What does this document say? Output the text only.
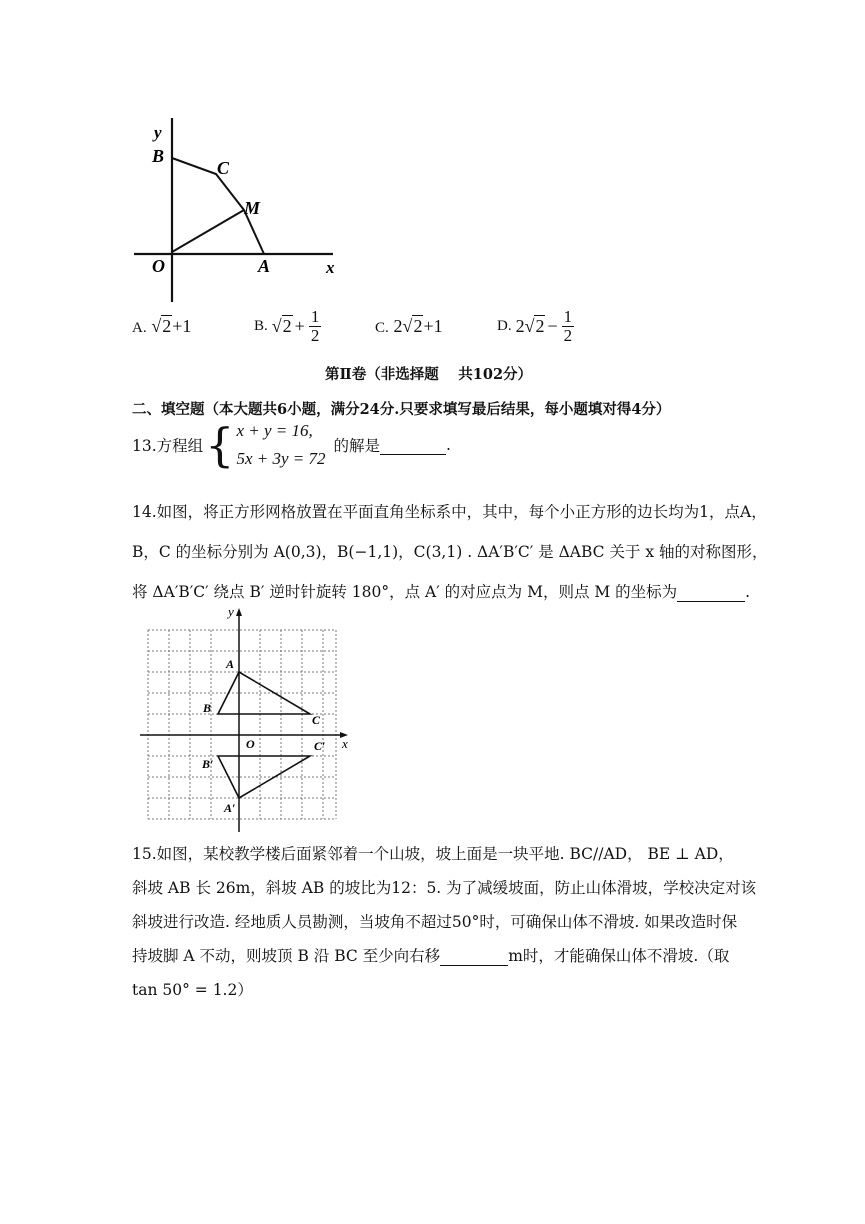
y
x
B
C
M
O	A
A. √2+1	B. $√2 + \frac{1}{2}$	C. 2√2+1	D. 2 $√2 - \frac{1}{2}$
第Ⅱ卷（非选择题　 共102分）
二、填空题（本大题共6小题，满分24分.只要求填写最后结果，每小题填对得4分）
13.方程组 { x + y = 16,
5x + 3y = 72
的解是	.
14.如图，将正方形网格放置在平面直角坐标系中，其中，每个小正方形的边长均为1，点A，
B，C 的坐标分别为 A(0,3)，B(−1,1)，C(3,1) . ΔA′B′C′ 是 ΔABC 关于 x 轴的对称图形，
将 ΔA′B′C′ 绕点 B′ 逆时针旋转 180°，点 A′ 的对应点为 M，则点 M 的坐标为	.
y
x
A
B
C
O	C′
B′
A′
15.如图，某校教学楼后面紧邻着一个山坡，坡上面是一块平地. BC//AD， BE ⊥ AD，
斜坡 AB 长 26m，斜坡 AB 的坡比为12：5. 为了减缓坡面，防止山体滑坡，学校决定对该
斜坡进行改造. 经地质人员勘测，当坡角不超过50°时，可确保山体不滑坡. 如果改造时保
持坡脚 A 不动，则坡顶 B 沿 BC 至少向右移	m时，才能确保山体不滑坡.（取
tan 50° = 1.2）
